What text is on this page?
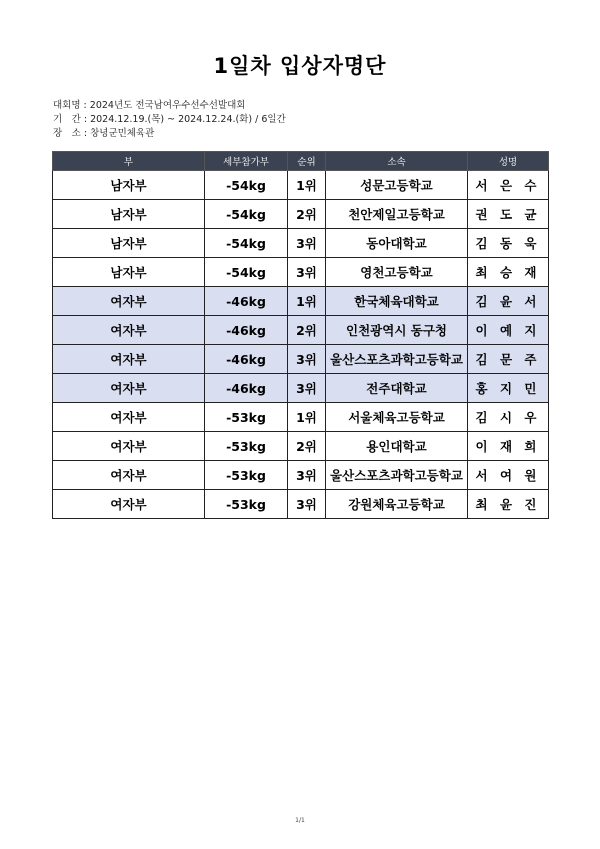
1일차 입상자명단
대회명 : 2024년도 전국남여우수선수선발대회
기　간 : 2024.12.19.(목) ~ 2024.12.24.(화) / 6일간
장　소 : 창녕군민체육관
부	세부참가부	순위	소속	성명
남자부	-54kg	1위	성문고등학교	서 은 수
남자부	-54kg	2위	천안제일고등학교	권 도 균
남자부	-54kg	3위	동아대학교	김 동 욱
남자부	-54kg	3위	영천고등학교	최 승 재
여자부	-46kg	1위	한국체육대학교	김 윤 서
여자부	-46kg	2위	인천광역시 동구청	이 예 지
여자부	-46kg	3위	울산스포츠과학고등학교	김 문 주
여자부	-46kg	3위	전주대학교	홍 지 민
여자부	-53kg	1위	서울체육고등학교	김 시 우
여자부	-53kg	2위	용인대학교	이 재 희
여자부	-53kg	3위	울산스포츠과학고등학교	서 여 원
여자부	-53kg	3위	강원체육고등학교	최 윤 진
1/1
